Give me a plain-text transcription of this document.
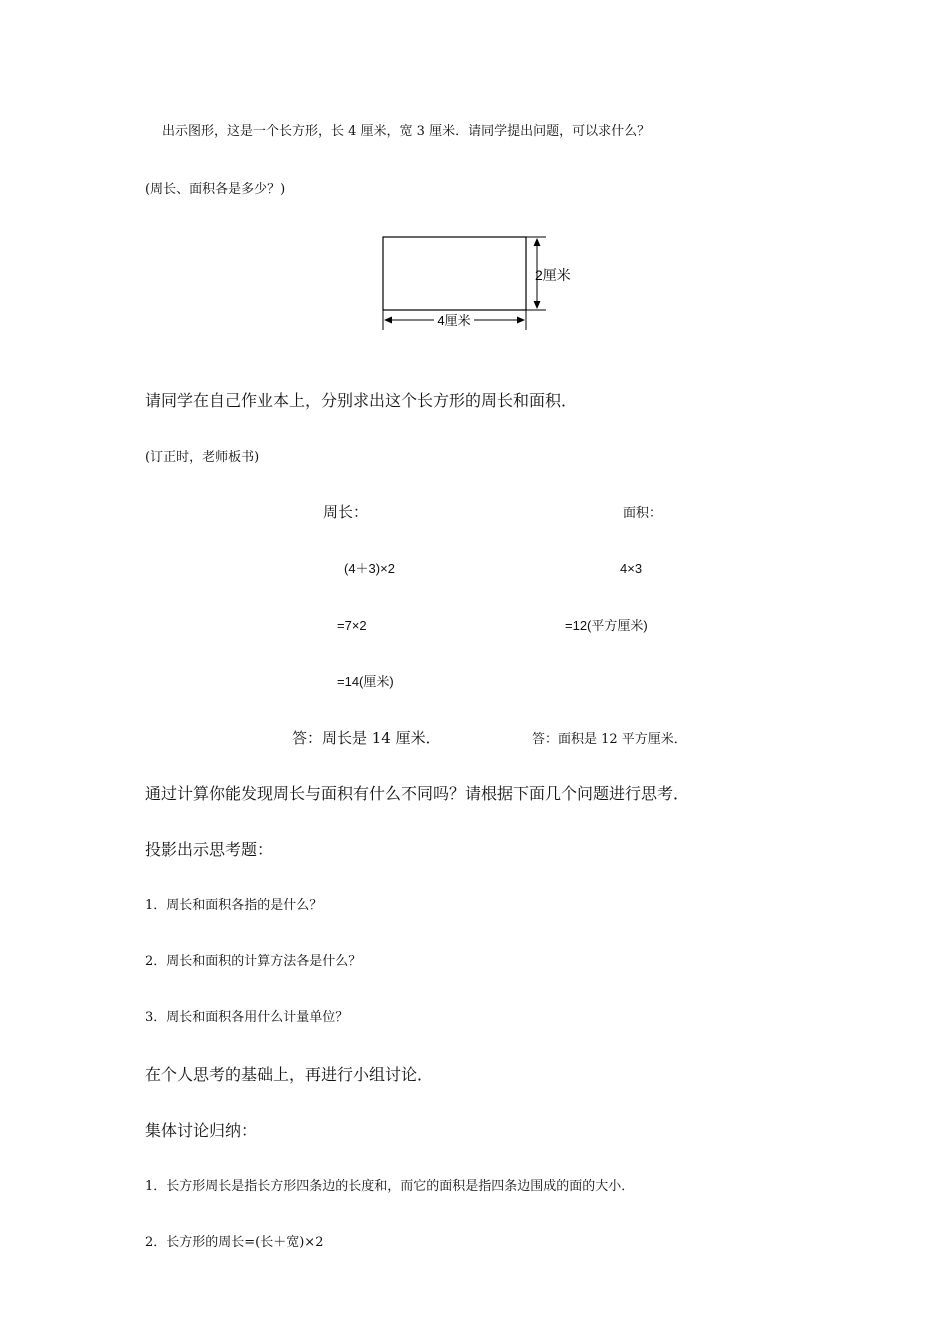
出示图形，这是一个长方形，长 4 厘米，宽 3 厘米．请同学提出问题，可以求什么？
(周长、面积各是多少？)
4厘米
2厘米
请同学在自己作业本上，分别求出这个长方形的周长和面积．
(订正时，老师板书)
周长：	面积：
(4＋3)×2	4×3
=7×2	=12(平方厘米)
=14(厘米)
答：周长是 14 厘米．	答：面积是 12 平方厘米．
通过计算你能发现周长与面积有什么不同吗？请根据下面几个问题进行思考．
投影出示思考题：
1．周长和面积各指的是什么？
2．周长和面积的计算方法各是什么？
3．周长和面积各用什么计量单位？
在个人思考的基础上，再进行小组讨论．
集体讨论归纳：
1．长方形周长是指长方形四条边的长度和，而它的面积是指四条边围成的面的大小．
2．长方形的周长=(长＋宽)×2
